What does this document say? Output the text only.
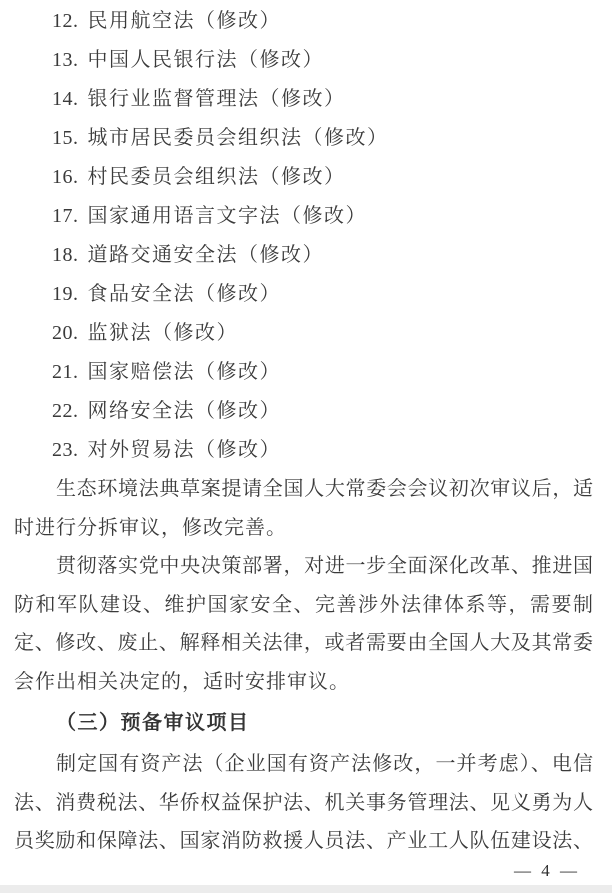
12. 民用航空法（修改）
13. 中国人民银行法（修改）
14. 银行业监督管理法（修改）
15. 城市居民委员会组织法（修改）
16. 村民委员会组织法（修改）
17. 国家通用语言文字法（修改）
18. 道路交通安全法（修改）
19. 食品安全法（修改）
20. 监狱法（修改）
21. 国家赔偿法（修改）
22. 网络安全法（修改）
23. 对外贸易法（修改）
生态环境法典草案提请全国人大常委会会议初次审议后，适
时进行分拆审议，修改完善。
贯彻落实党中央决策部署，对进一步全面深化改革、推进国
防和军队建设、维护国家安全、完善涉外法律体系等，需要制
定、修改、废止、解释相关法律，或者需要由全国人大及其常委
会作出相关决定的，适时安排审议。
（三）预备审议项目
制定国有资产法（企业国有资产法修改，一并考虑）、电信
法、消费税法、华侨权益保护法、机关事务管理法、见义勇为人
员奖励和保障法、国家消防救援人员法、产业工人队伍建设法、
— 4 —
